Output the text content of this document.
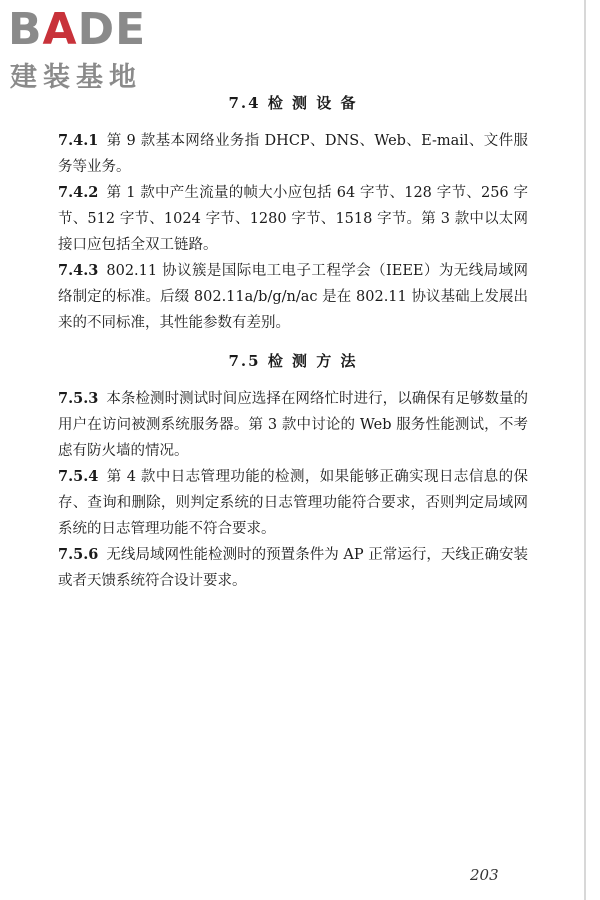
BADE
建装基地
7.4 检 测 设 备

7.4.1 第 9 款基本网络业务指 DHCP、DNS、Web、E-mail、文件服务等业务。

7.4.2 第 1 款中产生流量的帧大小应包括 64 字节、128 字节、256 字节、512 字节、1024 字节、1280 字节、1518 字节。第 3 款中以太网接口应包括全双工链路。

7.4.3 802.11 协议簇是国际电工电子工程学会（IEEE）为无线局域网络制定的标准。后缀 802.11a/b/g/n/ac 是在 802.11 协议基础上发展出来的不同标准，其性能参数有差别。

7.5 检 测 方 法

7.5.3 本条检测时测试时间应选择在网络忙时进行，以确保有足够数量的用户在访问被测系统服务器。第 3 款中讨论的 Web 服务性能测试，不考虑有防火墙的情况。

7.5.4 第 4 款中日志管理功能的检测，如果能够正确实现日志信息的保存、查询和删除，则判定系统的日志管理功能符合要求，否则判定局域网系统的日志管理功能不符合要求。

7.5.6 无线局域网性能检测时的预置条件为 AP 正常运行，天线正确安装或者天馈系统符合设计要求。

203
